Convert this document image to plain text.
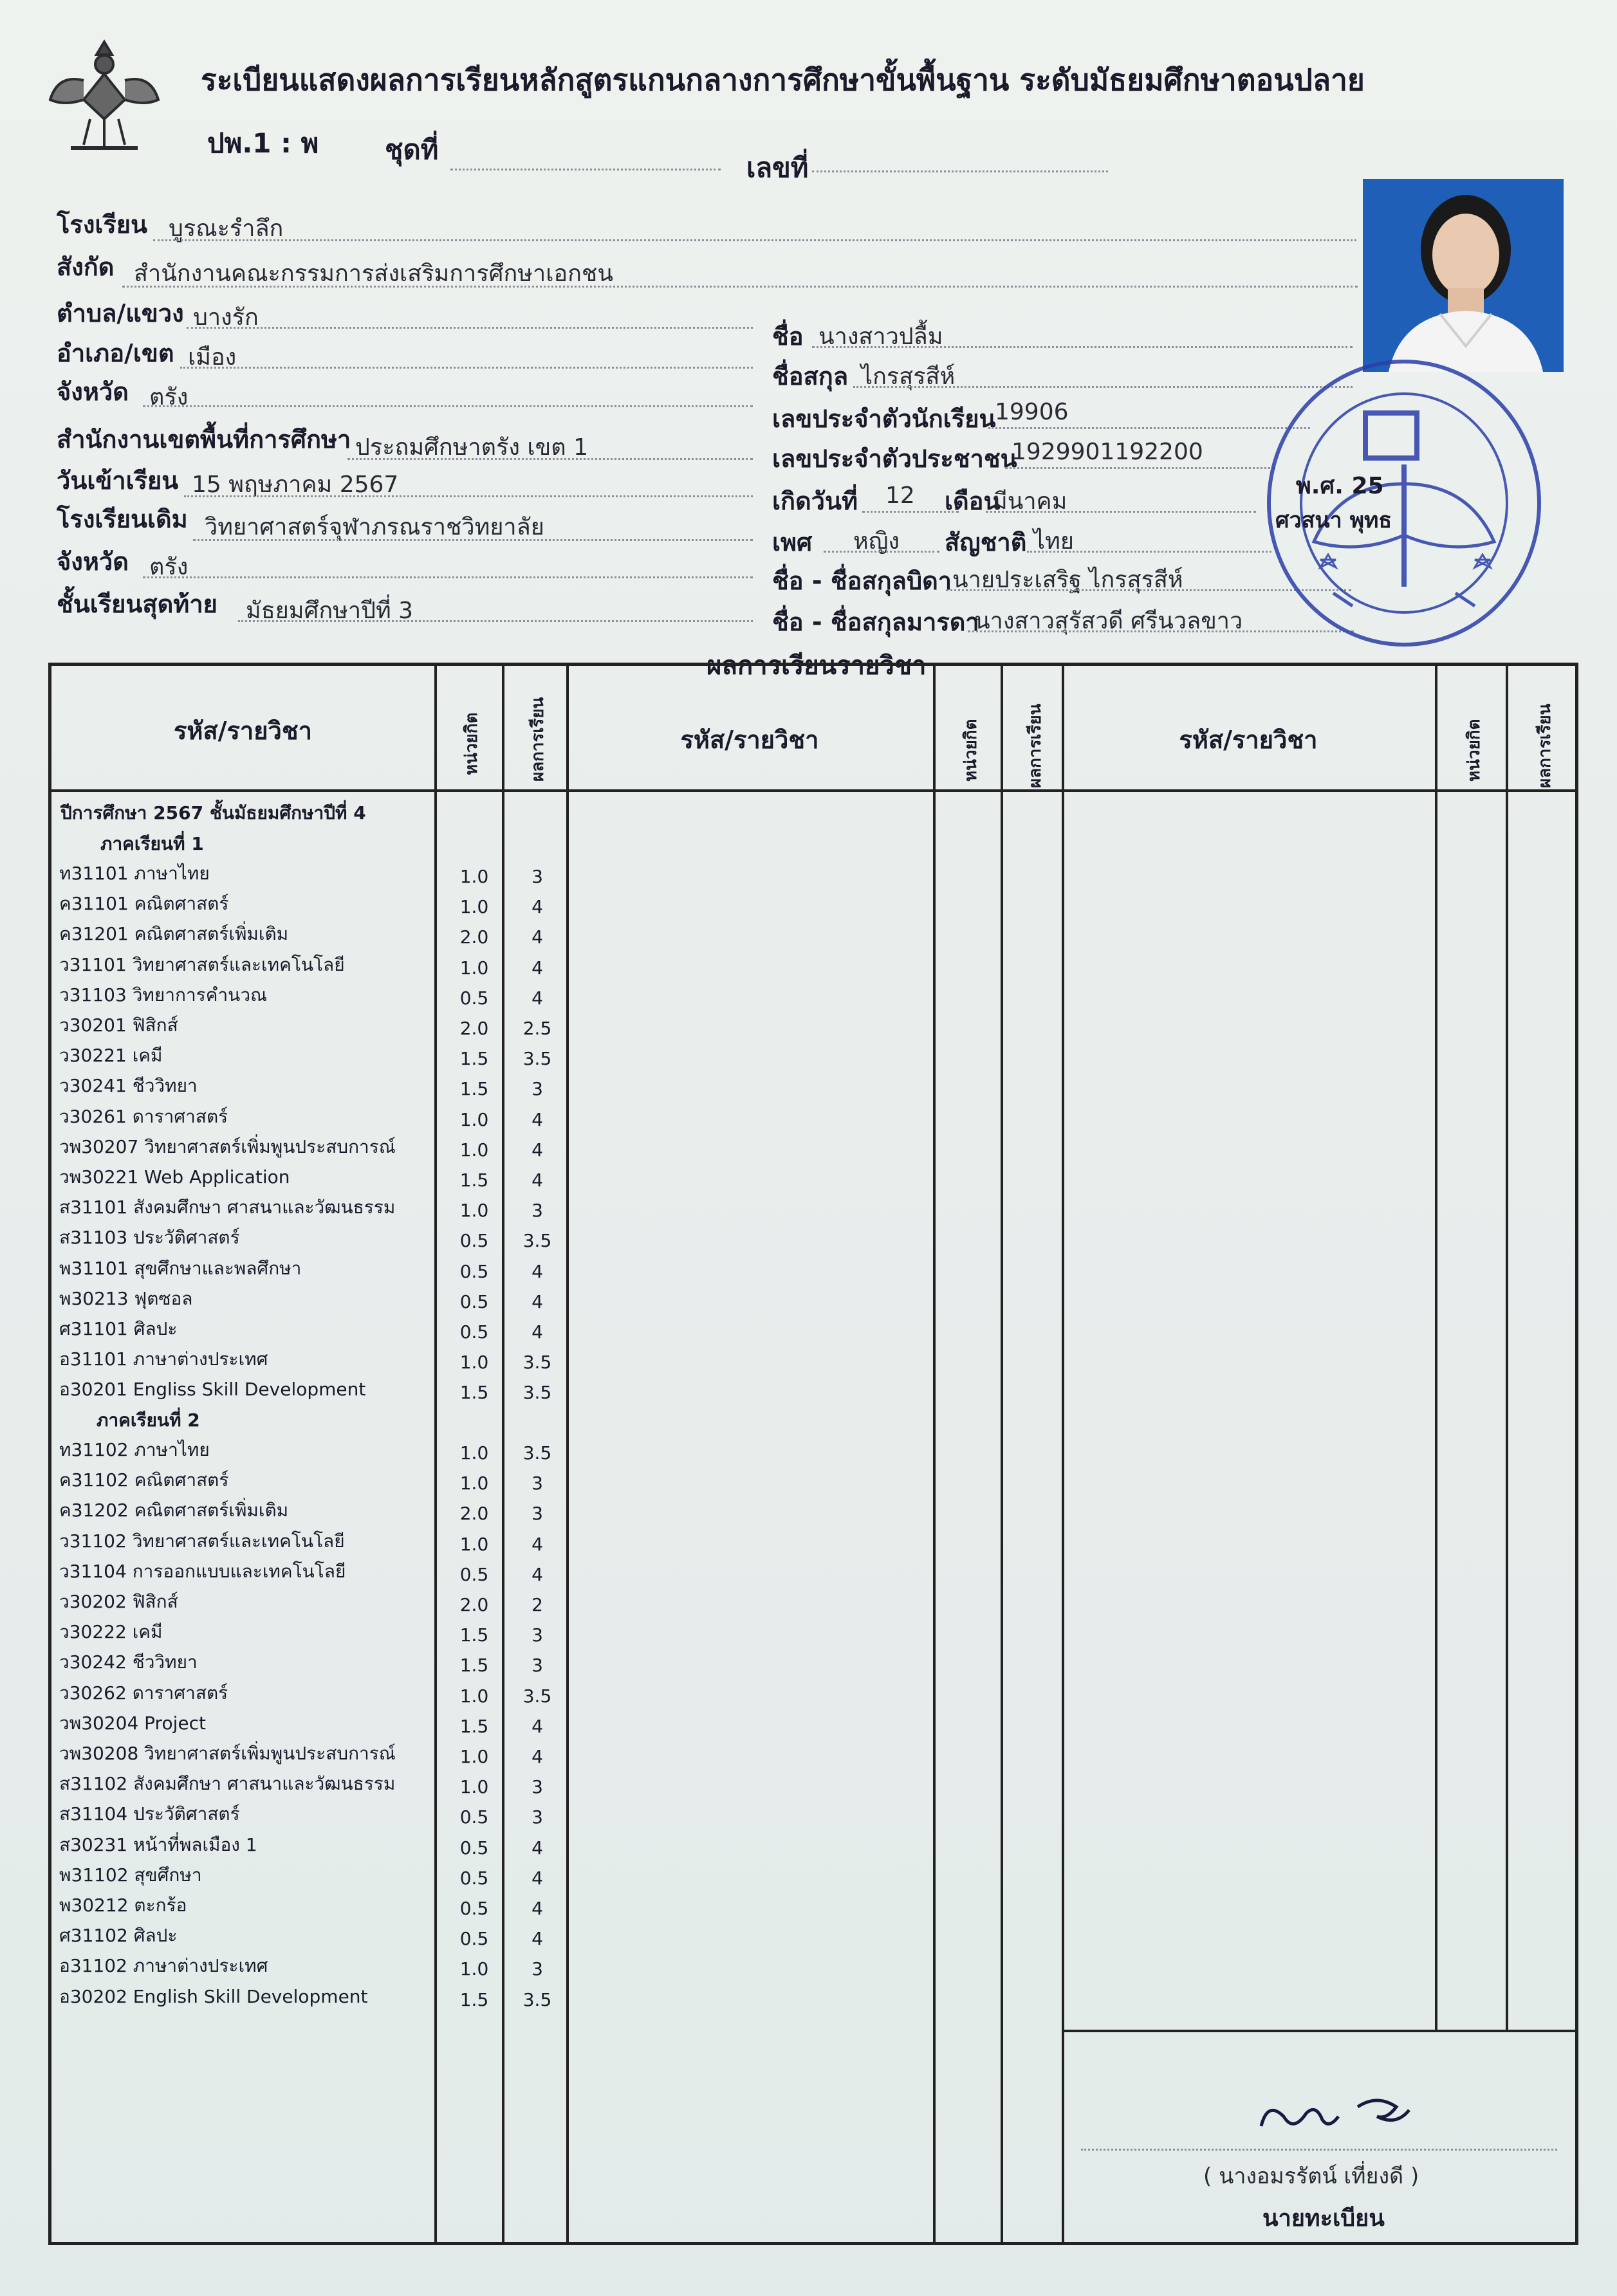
ระเบียนแสดงผลการเรียนหลักสูตรแกนกลางการศึกษาขั้นพื้นฐาน ระดับมัธยมศึกษาตอนปลาย
ปพ.1 : พ ชุดที่
เลขที่
โรงเรียน บูรณะรำลึก
สังกัด สำนักงานคณะกรรมการส่งเสริมการศึกษาเอกชน
ตำบล/แขวง บางรัก
อำเภอ/เขต เมือง
จังหวัด ตรัง
สำนักงานเขตพื้นที่การศึกษา ประถมศึกษาตรัง เขต 1
วันเข้าเรียน 15 พฤษภาคม 2567
โรงเรียนเดิม วิทยาศาสตร์จุฬาภรณราชวิทยาลัย
จังหวัด ตรัง
ชั้นเรียนสุดท้าย มัธยมศึกษาปีที่ 3
ชื่อ นางสาวปลื้ม
ชื่อสกุล ไกรสุรสีห์
เลขประจำตัวนักเรียน
19906
เลขประจำตัวประชาชน
1929901192200
เกิดวันที่ 12 เดือน
มีนาคม
เพศ หญิง สัญชาติ ไทย
ชื่อ - ชื่อสกุลบิดา นายประเสริฐ ไกรสุรสีห์
ชื่อ - ชื่อสกุลมารดา
นางสาวสุรัสวดี ศรีนวลขาว
พ.ศ. 25
ศวสนา พุทธ
ผลการเรียนรายวิชา
รหัส/รายวิชา	หน่วยกิต	ผลการเรียน	รหัส/รายวิชา	หน่วยกิต	ผลการเรียน	รหัส/รายวิชา	หน่วยกิต	ผลการเรียน
( นางอมรรัตน์ เที่ยงดี )
นายทะเบียน
ปีการศึกษา 2567 ชั้นมัธยมศึกษาปีที่ 4
ภาคเรียนที่ 1
ภาคเรียนที่ 2
ท31101 ภาษาไทย	1.0	3
ค31101 คณิตศาสตร์	1.0	4
ค31201 คณิตศาสตร์เพิ่มเติม	2.0	4
ว31101 วิทยาศาสตร์และเทคโนโลยี	1.0	4
ว31103 วิทยาการคำนวณ	0.5	4
ว30201 ฟิสิกส์	2.0 2.5
ว30221 เคมี	1.5 3.5
ว30241 ชีววิทยา	1.5	3
ว30261 ดาราศาสตร์	1.0	4
วพ30207 วิทยาศาสตร์เพิ่มพูนประสบการณ์	1.0	4
วพ30221 Web Application	1.5	4
ส31101 สังคมศึกษา ศาสนาและวัฒนธรรม	1.0	3
ส31103 ประวัติศาสตร์	0.5 3.5
พ31101 สุขศึกษาและพลศึกษา	0.5	4
พ30213 ฟุตซอล	0.5	4
ศ31101 ศิลปะ	0.5	4
อ31101 ภาษาต่างประเทศ	1.0 3.5
อ30201 Engliss Skill Development	1.5 3.5
ท31102 ภาษาไทย	1.0 3.5
ค31102 คณิตศาสตร์	1.0	3
ค31202 คณิตศาสตร์เพิ่มเติม	2.0	3
ว31102 วิทยาศาสตร์และเทคโนโลยี	1.0	4
ว31104 การออกแบบและเทคโนโลยี	0.5	4
ว30202 ฟิสิกส์	2.0	2
ว30222 เคมี	1.5	3
ว30242 ชีววิทยา	1.5	3
ว30262 ดาราศาสตร์	1.0 3.5
วพ30204 Project	1.5	4
วพ30208 วิทยาศาสตร์เพิ่มพูนประสบการณ์	1.0	4
ส31102 สังคมศึกษา ศาสนาและวัฒนธรรม	1.0	3
ส31104 ประวัติศาสตร์	0.5	3
ส30231 หน้าที่พลเมือง 1	0.5	4
พ31102 สุขศึกษา	0.5	4
พ30212 ตะกร้อ	0.5	4
ศ31102 ศิลปะ	0.5	4
อ31102 ภาษาต่างประเทศ	1.0	3
อ30202 English Skill Development	1.5 3.5
